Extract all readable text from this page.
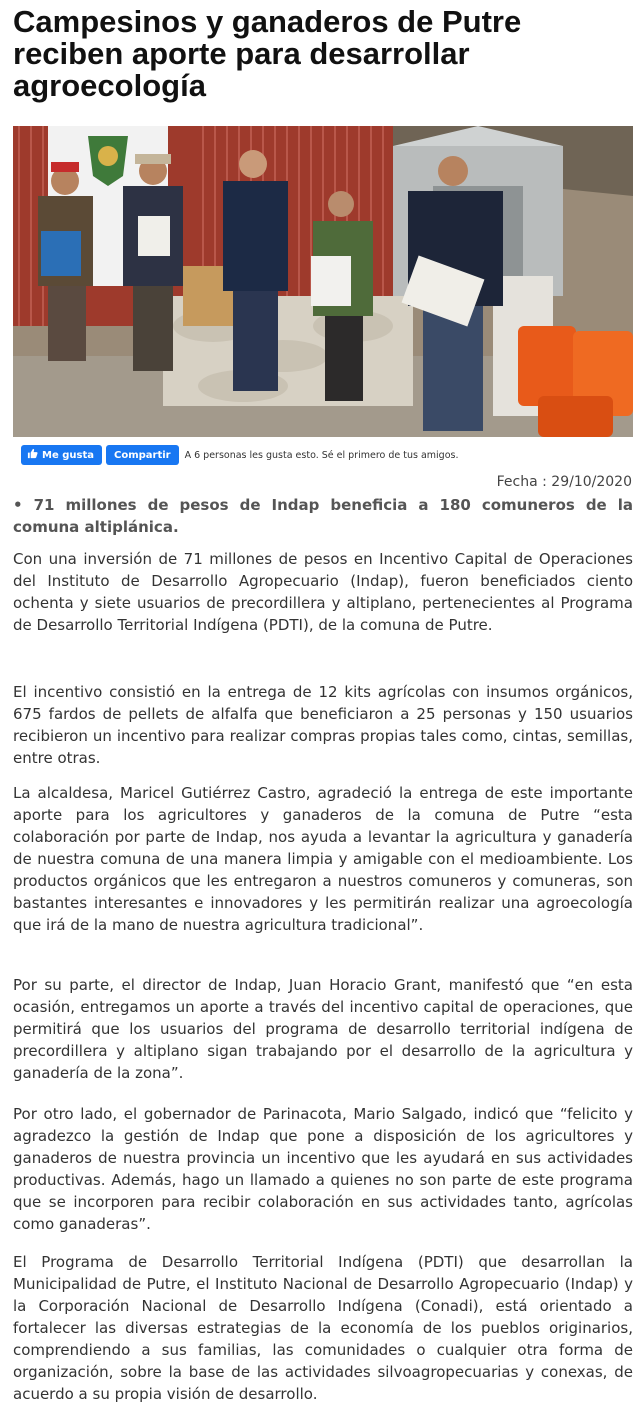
Campesinos y ganaderos de Putre reciben aporte para desarrollar agroecología
Me gusta	Compartir	A 6 personas les gusta esto. Sé el primero de tus amigos.
Fecha : 29/10/2020

• 71 millones de pesos de Indap beneficia a 180 comuneros de la comuna altiplánica.

Con una inversión de 71 millones de pesos en Incentivo Capital de Operaciones del Instituto de Desarrollo Agropecuario (Indap), fueron beneficiados ciento ochenta y siete usuarios de precordillera y altiplano, pertenecientes al Programa de Desarrollo Territorial Indígena (PDTI), de la comuna de Putre.

El incentivo consistió en la entrega de 12 kits agrícolas con insumos orgánicos, 675 fardos de pellets de alfalfa que beneficiaron a 25 personas y 150 usuarios recibieron un incentivo para realizar compras propias tales como, cintas, semillas, entre otras.

La alcaldesa, Maricel Gutiérrez Castro, agradeció la entrega de este importante aporte para los agricultores y ganaderos de la comuna de Putre “esta colaboración por parte de Indap, nos ayuda a levantar la agricultura y ganadería de nuestra comuna de una manera limpia y amigable con el medioambiente. Los productos orgánicos que les entregaron a nuestros comuneros y comuneras, son bastantes interesantes e innovadores y les permitirán realizar una agroecología que irá de la mano de nuestra agricultura tradicional”.

Por su parte, el director de Indap, Juan Horacio Grant, manifestó que “en esta ocasión, entregamos un aporte a través del incentivo capital de operaciones, que permitirá que los usuarios del programa de desarrollo territorial indígena de precordillera y altiplano sigan trabajando por el desarrollo de la agricultura y ganadería de la zona”.

Por otro lado, el gobernador de Parinacota, Mario Salgado, indicó que “felicito y agradezco la gestión de Indap que pone a disposición de los agricultores y ganaderos de nuestra provincia un incentivo que les ayudará en sus actividades productivas. Además, hago un llamado a quienes no son parte de este programa que se incorporen para recibir colaboración en sus actividades tanto, agrícolas como ganaderas”.

El Programa de Desarrollo Territorial Indígena (PDTI) que desarrollan la Municipalidad de Putre, el Instituto Nacional de Desarrollo Agropecuario (Indap) y la Corporación Nacional de Desarrollo Indígena (Conadi), está orientado a fortalecer las diversas estrategias de la economía de los pueblos originarios, comprendiendo a sus familias, las comunidades o cualquier otra forma de organización, sobre la base de las actividades silvoagropecuarias y conexas, de acuerdo a su propia visión de desarrollo.
